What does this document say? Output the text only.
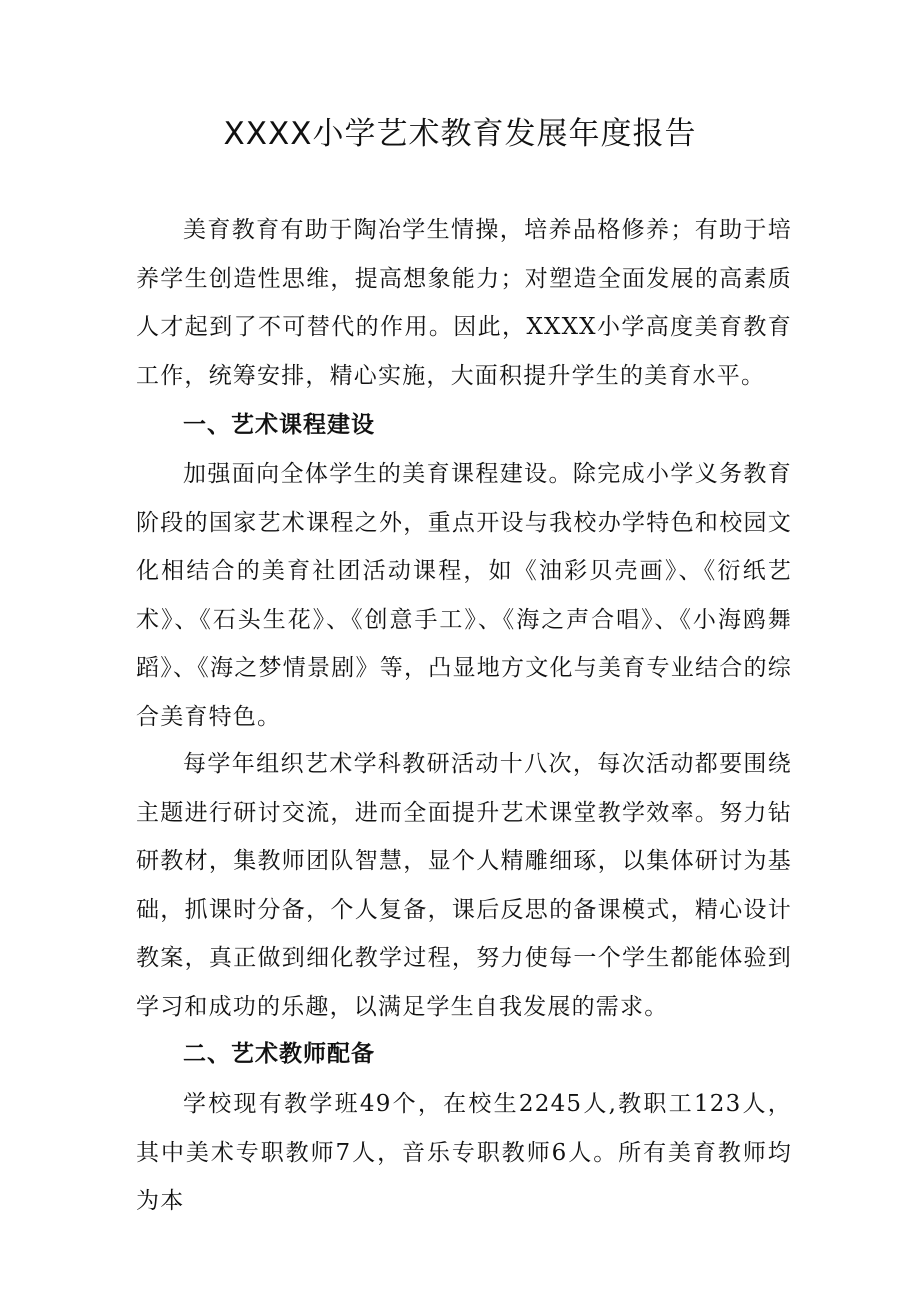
XXXX小学艺术教育发展年度报告

美育教育有助于陶冶学生情操，培养品格修养；有助于培养学生创造性思维，提高想象能力；对塑造全面发展的高素质人才起到了不可替代的作用。因此，XXXX小学高度美育教育工作，统筹安排，精心实施，大面积提升学生的美育水平。

一、艺术课程建设

加强面向全体学生的美育课程建设。除完成小学义务教育阶段的国家艺术课程之外，重点开设与我校办学特色和校园文化相结合的美育社团活动课程，如《油彩贝壳画》、《衍纸艺术》、《石头生花》、《创意手工》、《海之声合唱》、《小海鸥舞蹈》、《海之梦情景剧》等，凸显地方文化与美育专业结合的综合美育特色。

每学年组织艺术学科教研活动十八次，每次活动都要围绕主题进行研讨交流，进而全面提升艺术课堂教学效率。努力钻研教材，集教师团队智慧，显个人精雕细琢，以集体研讨为基础，抓课时分备，个人复备，课后反思的备课模式，精心设计教案，真正做到细化教学过程，努力使每一个学生都能体验到学习和成功的乐趣，以满足学生自我发展的需求。

二、艺术教师配备

学校现有教学班49个，在校生2245人,教职工123人，其中美术专职教师7人，音乐专职教师6人。所有美育教师均为本
